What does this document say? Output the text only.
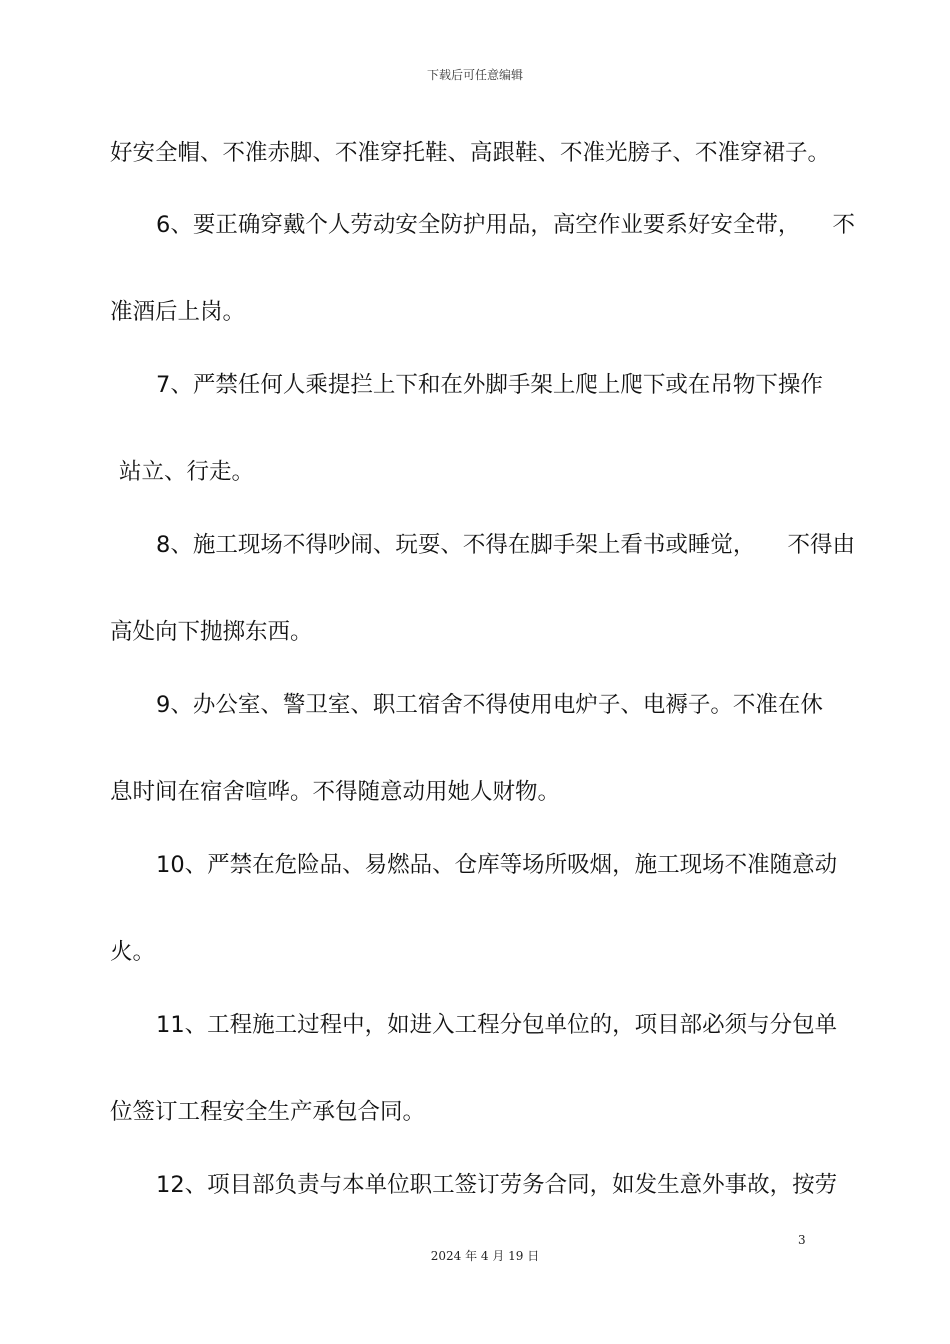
下载后可任意编辑
好安全帽、不准赤脚、不准穿托鞋、高跟鞋、不准光膀子、不准穿裙子。
6、要正确穿戴个人劳动安全防护用品，高空作业要系好安全带， 不
准酒后上岗。
7、严禁任何人乘提拦上下和在外脚手架上爬上爬下或在吊物下操作
站立、行走。
8、施工现场不得吵闹、玩耍、不得在脚手架上看书或睡觉， 不得由
高处向下抛掷东西。
9、办公室、警卫室、职工宿舍不得使用电炉子、电褥子。不准在休
息时间在宿舍喧哗。不得随意动用她人财物。
10、严禁在危险品、易燃品、仓库等场所吸烟，施工现场不准随意动
火。
11、工程施工过程中，如进入工程分包单位的，项目部必须与分包单
位签订工程安全生产承包合同。
12、项目部负责与本单位职工签订劳务合同，如发生意外事故，按劳
3
2024 年 4 月 19 日
